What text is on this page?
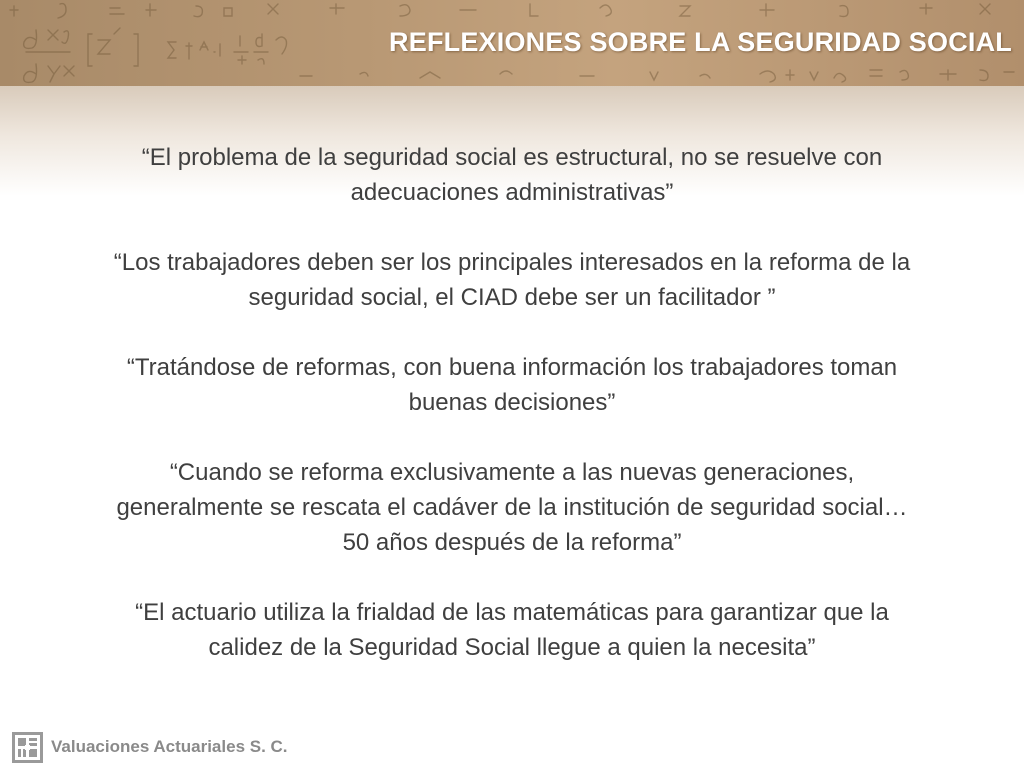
REFLEXIONES SOBRE LA SEGURIDAD SOCIAL

“El problema de la seguridad social es estructural, no se resuelve con
adecuaciones administrativas”

“Los trabajadores deben ser los principales interesados en la reforma de la
seguridad social, el CIAD debe ser un facilitador ”

“Tratándose de reformas, con buena información los trabajadores toman
buenas decisiones”

“Cuando se reforma exclusivamente a las nuevas generaciones,
generalmente se rescata el cadáver de la institución de seguridad social…
50 años después de la reforma”

“El actuario utiliza la frialdad de las matemáticas para garantizar que la
calidez de la Seguridad Social llegue a quien la necesita”

Valuaciones Actuariales S. C.
